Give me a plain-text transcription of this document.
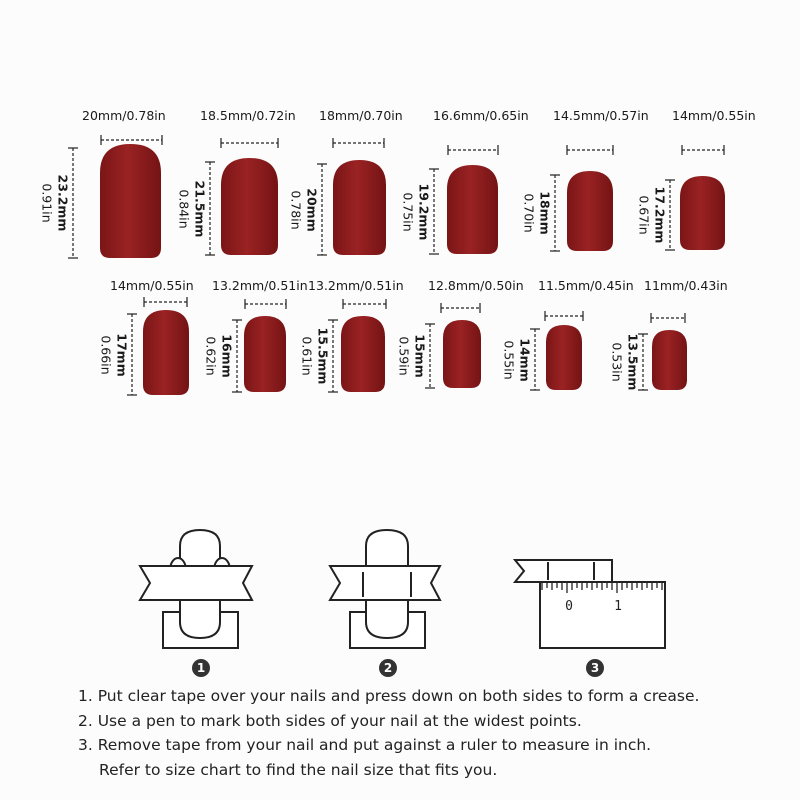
0	1
20mm/0.78in
23.2mm
0.91in
18.5mm/0.72in
21.5mm
0.84in
18mm/0.70in
20mm
0.78in
16.6mm/0.65in
19.2mm
0.75in
14.5mm/0.57in
18mm
0.70in
14mm/0.55in
17.2mm
0.67in
14mm/0.55in
17mm
0.66in
13.2mm/0.51in
16mm
0.62in
13.2mm/0.51in
15.5mm
0.61in
12.8mm/0.50in
15mm
0.59in
11.5mm/0.45in
14mm
0.55in
11mm/0.43in
13.5mm
0.53in
1	2	3
1. Put clear tape over your nails and press down on both sides to form a crease.
2. Use a pen to mark both sides of your nail at the widest points.
3. Remove tape from your nail and put against a ruler to measure in inch.
Refer to size chart to find the nail size that fits you.
